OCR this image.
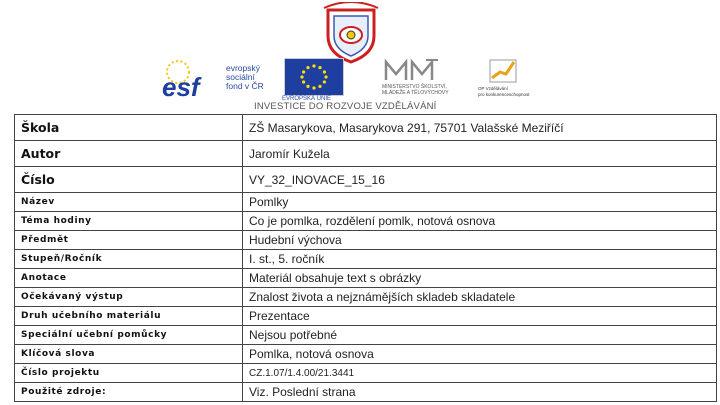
esf
evropský
sociální
fond v ČR
EVROPSKÁ UNIE
MINISTERSTVO ŠKOLSTVÍ,
MLÁDEŽE A TĚLOVÝCHOVY
OP Vzdělávání
pro konkurenceschopnost
INVESTICE DO ROZVOJE VZDĚLÁVÁNÍ
Škola	ZŠ Masarykova, Masarykova 291, 75701 Valašské Meziříčí
Autor	Jaromír Kužela
Číslo	VY_32_INOVACE_15_16
Název	Pomlky
Téma hodiny	Co je pomlka, rozdělení pomlk, notová osnova
Předmět	Hudební výchova
Stupeň/Ročník	I. st., 5. ročník
Anotace	Materiál obsahuje text s obrázky
Očekávaný výstup	Znalost života a nejznámějších skladeb skladatele
Druh učebního materiálu	Prezentace
Speciální učební pomůcky	Nejsou potřebné
Klíčová slova	Pomlka, notová osnova
Číslo projektu	CZ.1.07/1.4.00/21.3441
Použité zdroje:	Viz. Poslední strana
